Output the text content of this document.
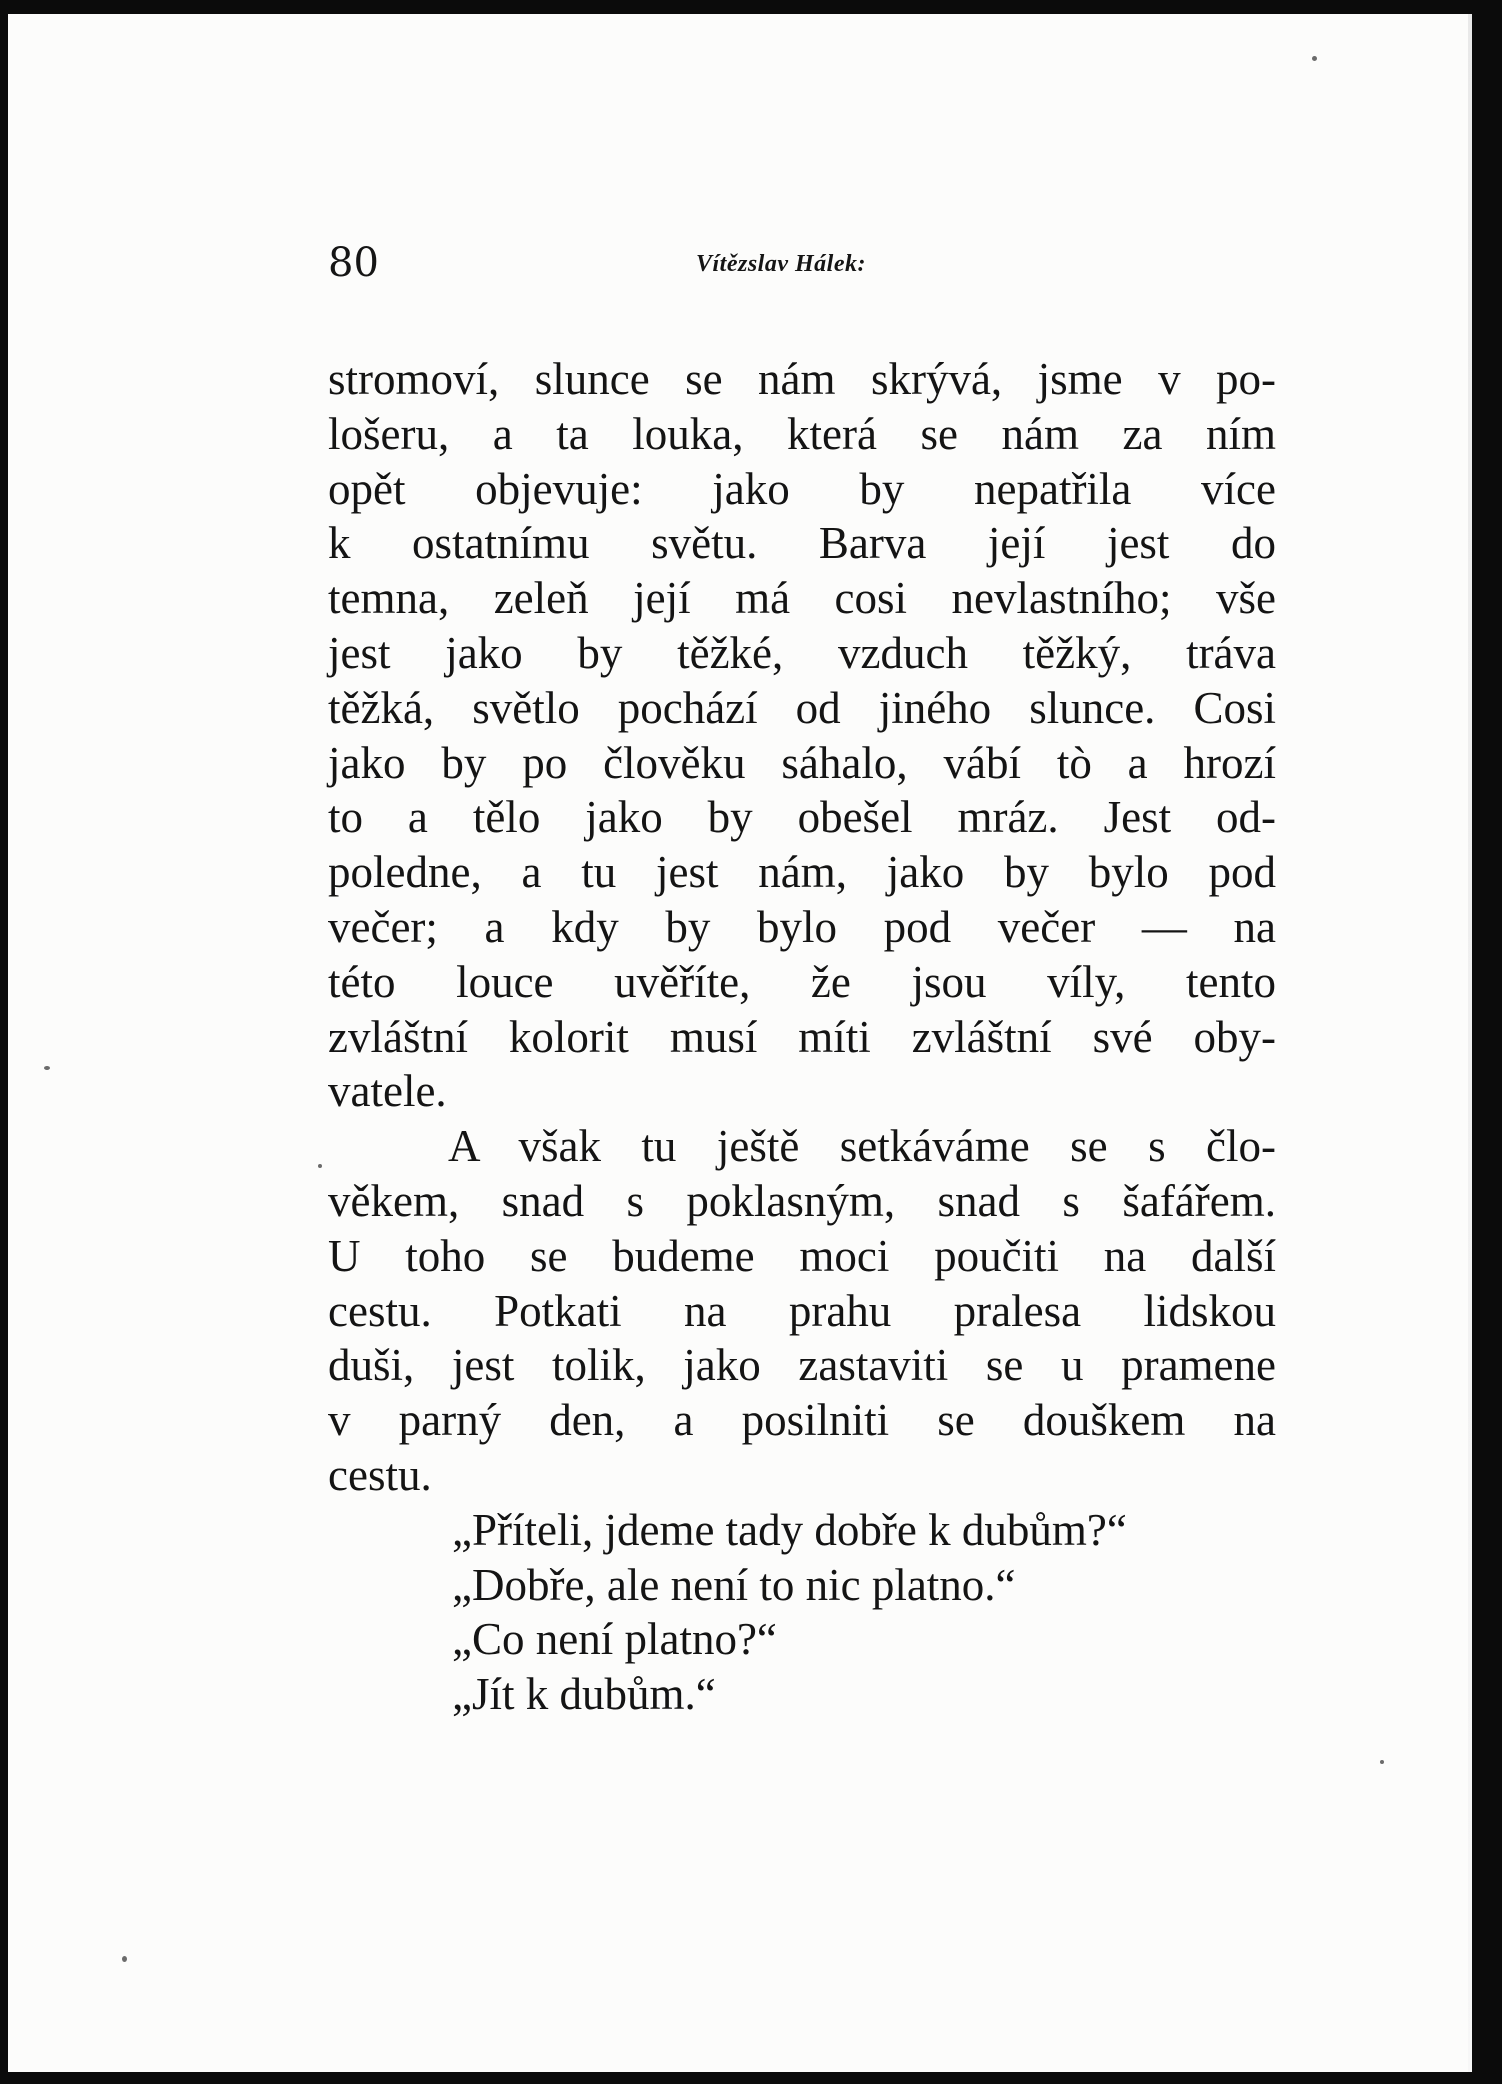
80	Vítězslav Hálek:
stromoví, slunce se nám skrývá, jsme v po-
lošeru, a ta louka, která se nám za ním
opět objevuje: jako by nepatřila více
k ostatnímu světu. Barva její jest do
temna, zeleň její má cosi nevlastního; vše
jest jako by těžké, vzduch těžký, tráva
těžká, světlo pochází od jiného slunce. Cosi
jako by po člověku sáhalo, vábí tò a hrozí
to a tělo jako by obešel mráz. Jest od-
poledne, a tu jest nám, jako by bylo pod
večer; a kdy by bylo pod večer — na
této louce uvěříte, že jsou víly, tento
zvláštní kolorit musí míti zvláštní své oby-
vatele.
A však tu ještě setkáváme se s člo-
věkem, snad s poklasným, snad s šafářem.
U toho se budeme moci poučiti na další
cestu. Potkati na prahu pralesa lidskou
duši, jest tolik, jako zastaviti se u pramene
v parný den, a posilniti se douškem na
cestu.
„Příteli, jdeme tady dobře k dubům?“
„Dobře, ale není to nic platno.“
„Co není platno?“
„Jít k dubům.“
